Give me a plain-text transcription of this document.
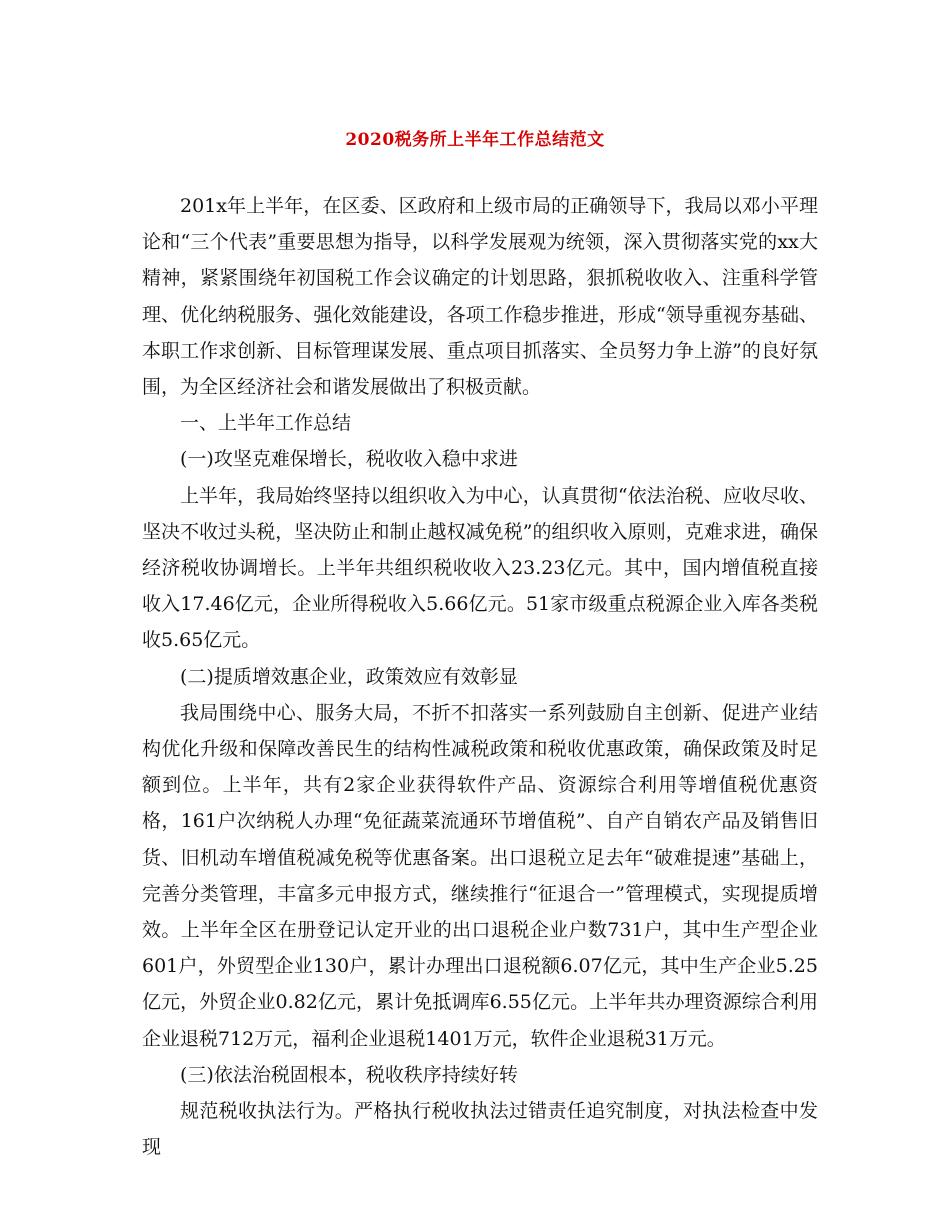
2020税务所上半年工作总结范文

201x年上半年，在区委、区政府和上级市局的正确领导下，我局以邓小平理论和“三个代表”重要思想为指导，以科学发展观为统领，深入贯彻落实党的xx大精神，紧紧围绕年初国税工作会议确定的计划思路，狠抓税收收入、注重科学管理、优化纳税服务、强化效能建设，各项工作稳步推进，形成“领导重视夯基础、本职工作求创新、目标管理谋发展、重点项目抓落实、全员努力争上游”的良好氛围，为全区经济社会和谐发展做出了积极贡献。

一、上半年工作总结

(一)攻坚克难保增长，税收收入稳中求进

上半年，我局始终坚持以组织收入为中心，认真贯彻“依法治税、应收尽收、坚决不收过头税，坚决防止和制止越权减免税”的组织收入原则，克难求进，确保经济税收协调增长。上半年共组织税收收入23.23亿元。其中，国内增值税直接收入17.46亿元，企业所得税收入5.66亿元。51家市级重点税源企业入库各类税收5.65亿元。

(二)提质增效惠企业，政策效应有效彰显

我局围绕中心、服务大局，不折不扣落实一系列鼓励自主创新、促进产业结构优化升级和保障改善民生的结构性减税政策和税收优惠政策，确保政策及时足额到位。上半年，共有2家企业获得软件产品、资源综合利用等增值税优惠资格，161户次纳税人办理“免征蔬菜流通环节增值税”、自产自销农产品及销售旧货、旧机动车增值税减免税等优惠备案。出口退税立足去年“破难提速”基础上，完善分类管理，丰富多元申报方式，继续推行“征退合一”管理模式，实现提质增效。上半年全区在册登记认定开业的出口退税企业户数731户，其中生产型企业601户，外贸型企业130户，累计办理出口退税额6.07亿元，其中生产企业5.25亿元，外贸企业0.82亿元，累计免抵调库6.55亿元。上半年共办理资源综合利用企业退税712万元，福利企业退税1401万元，软件企业退税31万元。

(三)依法治税固根本，税收秩序持续好转

规范税收执法行为。严格执行税收执法过错责任追究制度，对执法检查中发现
